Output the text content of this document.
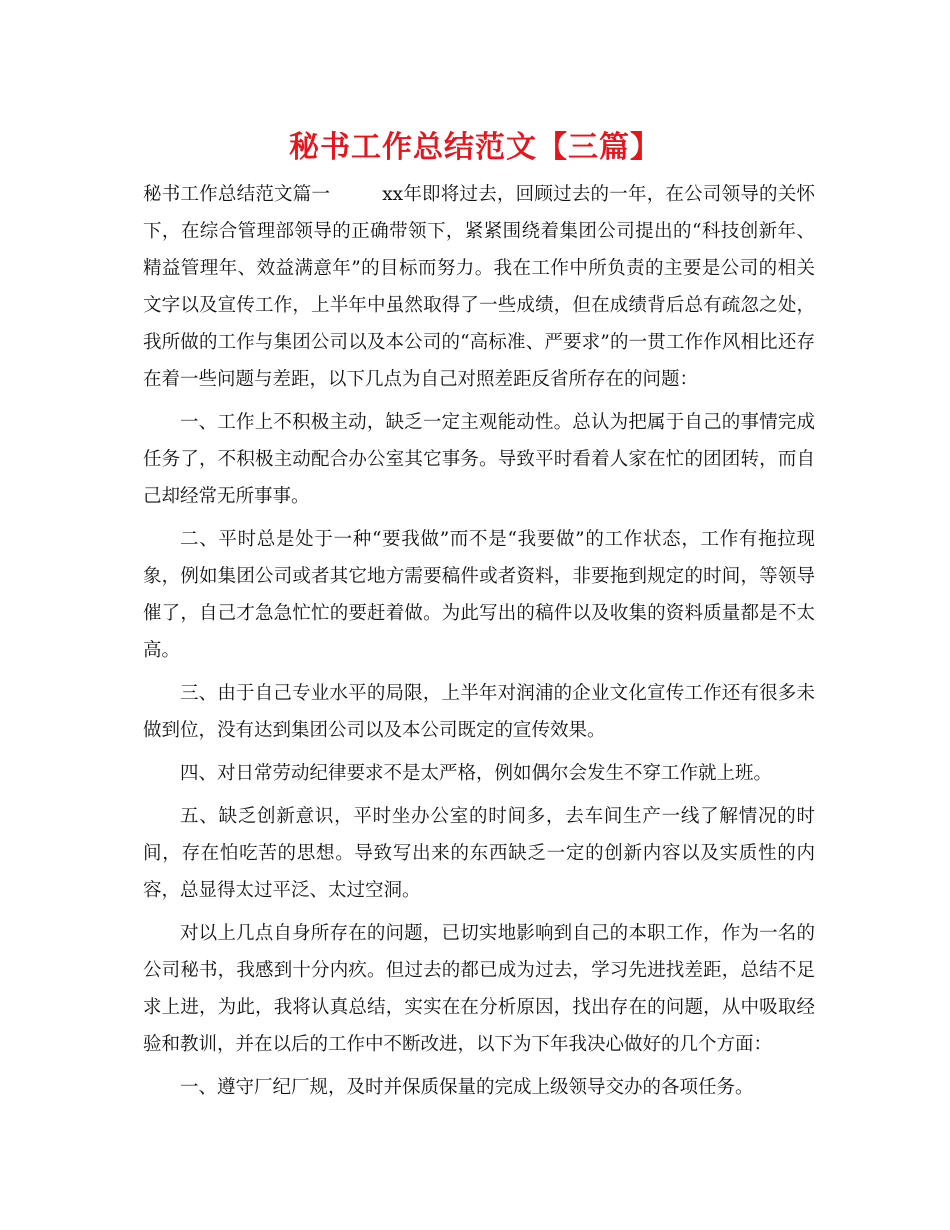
秘书工作总结范文【三篇】

秘书工作总结范文篇一	xx年即将过去，回顾过去的一年，在公司领导的关怀下，在综合管理部领导的正确带领下，紧紧围绕着集团公司提出的“科技创新年、精益管理年、效益满意年”的目标而努力。我在工作中所负责的主要是公司的相关文字以及宣传工作，上半年中虽然取得了一些成绩，但在成绩背后总有疏忽之处，我所做的工作与集团公司以及本公司的“高标准、严要求”的一贯工作作风相比还存在着一些问题与差距，以下几点为自己对照差距反省所存在的问题：

一、工作上不积极主动，缺乏一定主观能动性。总认为把属于自己的事情完成任务了，不积极主动配合办公室其它事务。导致平时看着人家在忙的团团转，而自己却经常无所事事。

二、平时总是处于一种“要我做”而不是“我要做”的工作状态，工作有拖拉现象，例如集团公司或者其它地方需要稿件或者资料，非要拖到规定的时间，等领导催了，自己才急急忙忙的要赶着做。为此写出的稿件以及收集的资料质量都是不太高。

三、由于自己专业水平的局限，上半年对润浦的企业文化宣传工作还有很多未做到位，没有达到集团公司以及本公司既定的宣传效果。

四、对日常劳动纪律要求不是太严格，例如偶尔会发生不穿工作就上班。

五、缺乏创新意识，平时坐办公室的时间多，去车间生产一线了解情况的时间，存在怕吃苦的思想。导致写出来的东西缺乏一定的创新内容以及实质性的内容，总显得太过平泛、太过空洞。

对以上几点自身所存在的问题，已切实地影响到自己的本职工作，作为一名的公司秘书，我感到十分内疚。但过去的都已成为过去，学习先进找差距，总结不足求上进，为此，我将认真总结，实实在在分析原因，找出存在的问题，从中吸取经验和教训，并在以后的工作中不断改进，以下为下年我决心做好的几个方面：

一、遵守厂纪厂规，及时并保质保量的完成上级领导交办的各项任务。
